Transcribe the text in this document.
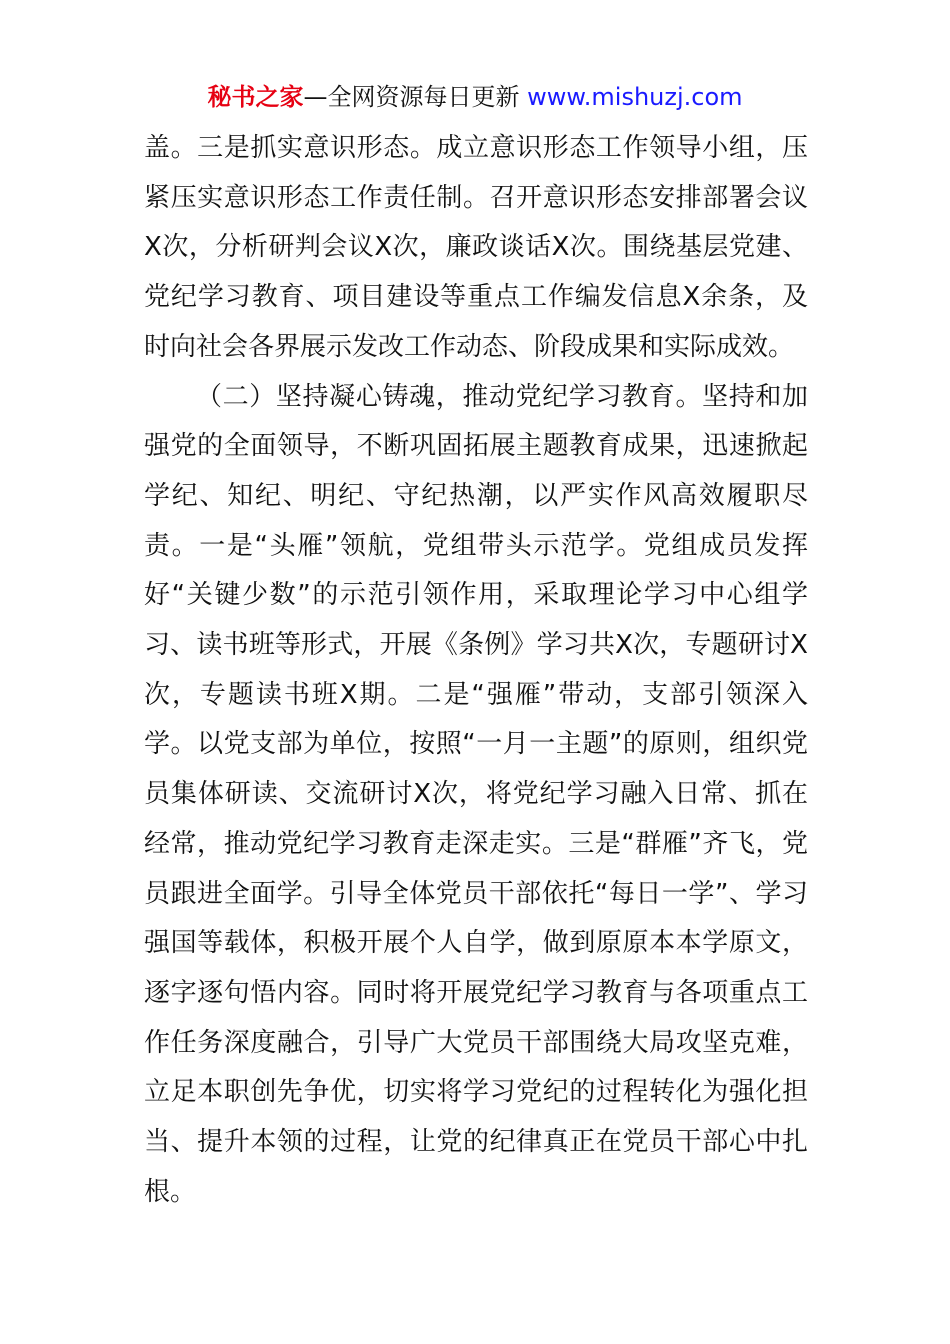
秘书之家—全网资源每日更新 www.mishuzj.com

盖。三是抓实意识形态。成立意识形态工作领导小组，压紧压实意识形态工作责任制。召开意识形态安排部署会议X次，分析研判会议X次，廉政谈话X次。围绕基层党建、党纪学习教育、项目建设等重点工作编发信息X余条，及时向社会各界展示发改工作动态、阶段成果和实际成效。

（二）坚持凝心铸魂，推动党纪学习教育。坚持和加强党的全面领导，不断巩固拓展主题教育成果，迅速掀起学纪、知纪、明纪、守纪热潮，以严实作风高效履职尽责。一是“头雁”领航，党组带头示范学。党组成员发挥好“关键少数”的示范引领作用，采取理论学习中心组学习、读书班等形式，开展《条例》学习共X次，专题研讨X次，专题读书班X期。二是“强雁”带动，支部引领深入学。以党支部为单位，按照“一月一主题”的原则，组织党员集体研读、交流研讨X次，将党纪学习融入日常、抓在经常，推动党纪学习教育走深走实。三是“群雁”齐飞，党员跟进全面学。引导全体党员干部依托“每日一学”、学习强国等载体，积极开展个人自学，做到原原本本学原文，逐字逐句悟内容。同时将开展党纪学习教育与各项重点工作任务深度融合，引导广大党员干部围绕大局攻坚克难，立足本职创先争优，切实将学习党纪的过程转化为强化担当、提升本领的过程，让党的纪律真正在党员干部心中扎根。
